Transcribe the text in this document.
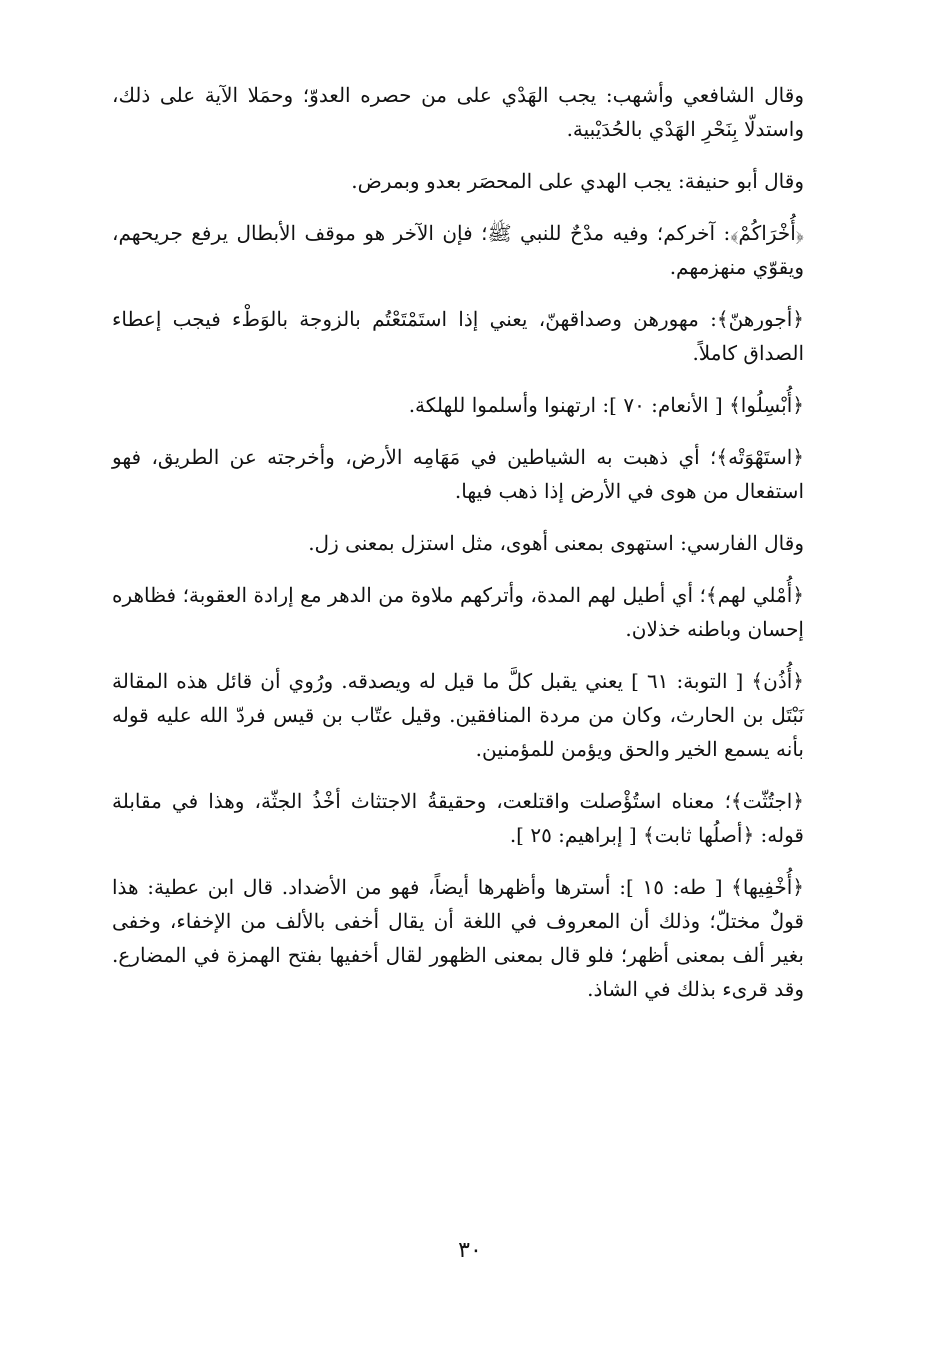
وقال الشافعي وأشهب: يجب الهَدْي على من حصره العدوّ؛ وحمَلا الآية على ذلك، واستدلّا بِنَحْرِ الهَدْي بالحُدَيْبية.

وقال أبو حنيفة: يجب الهدي على المحصَر بعدو وبمرض.

﴿أُخْرَاكُمْ﴾: آخركم؛ وفيه مدْحٌ للنبي ﷺ؛ فإن الآخر هو موقف الأبطال يرفع جريحهم، ويقوّي منهزمهم.

﴿أجورهنّ﴾: مهورهن وصداقهنّ، يعني إذا استَمْتَعْتُم بالزوجة بالوَطْء فيجب إعطاء الصداق كاملاً.

﴿أُبْسِلُوا﴾ [ الأنعام: ٧٠ ]: ارتهنوا وأسلموا للهلكة.

﴿استَهْوَتْه﴾؛ أي ذهبت به الشياطين في مَهَامِه الأرض، وأخرجته عن الطريق، فهو استفعال من هوى في الأرض إذا ذهب فيها.

وقال الفارسي: استهوى بمعنى أهوى، مثل استزل بمعنى زل.

﴿أُمْلي لهم﴾؛ أي أطيل لهم المدة، وأتركهم ملاوة من الدهر مع إرادة العقوبة؛ فظاهره إحسان وباطنه خذلان.

﴿أُذُن﴾ [ التوبة: ٦١ ] يعني يقبل كلَّ ما قيل له ويصدقه. ورُوي أن قائل هذه المقالة نَبْتَل بن الحارث، وكان من مردة المنافقين. وقيل عتّاب بن قيس فردّ الله عليه قوله بأنه يسمع الخير والحق ويؤمن للمؤمنين.

﴿اجتُثّت﴾؛ معناه استُؤْصلت واقتلعت، وحقيقةُ الاجتثاث أخْذُ الجثّة، وهذا في مقابلة قوله: ﴿أصلُها ثابت﴾ [ إبراهيم: ٢٥ ].

﴿أُخْفِيها﴾ [ طه: ١٥ ]: أسترها وأظهرها أيضاً، فهو من الأضداد. قال ابن عطية: هذا قولٌ مختلّ؛ وذلك أن المعروف في اللغة أن يقال أخفى بالألف من الإخفاء، وخفى بغير ألف بمعنى أظهر؛ فلو قال بمعنى الظهور لقال أخفيها بفتح الهمزة في المضارع. وقد قرىء بذلك في الشاذ.

٣٠
